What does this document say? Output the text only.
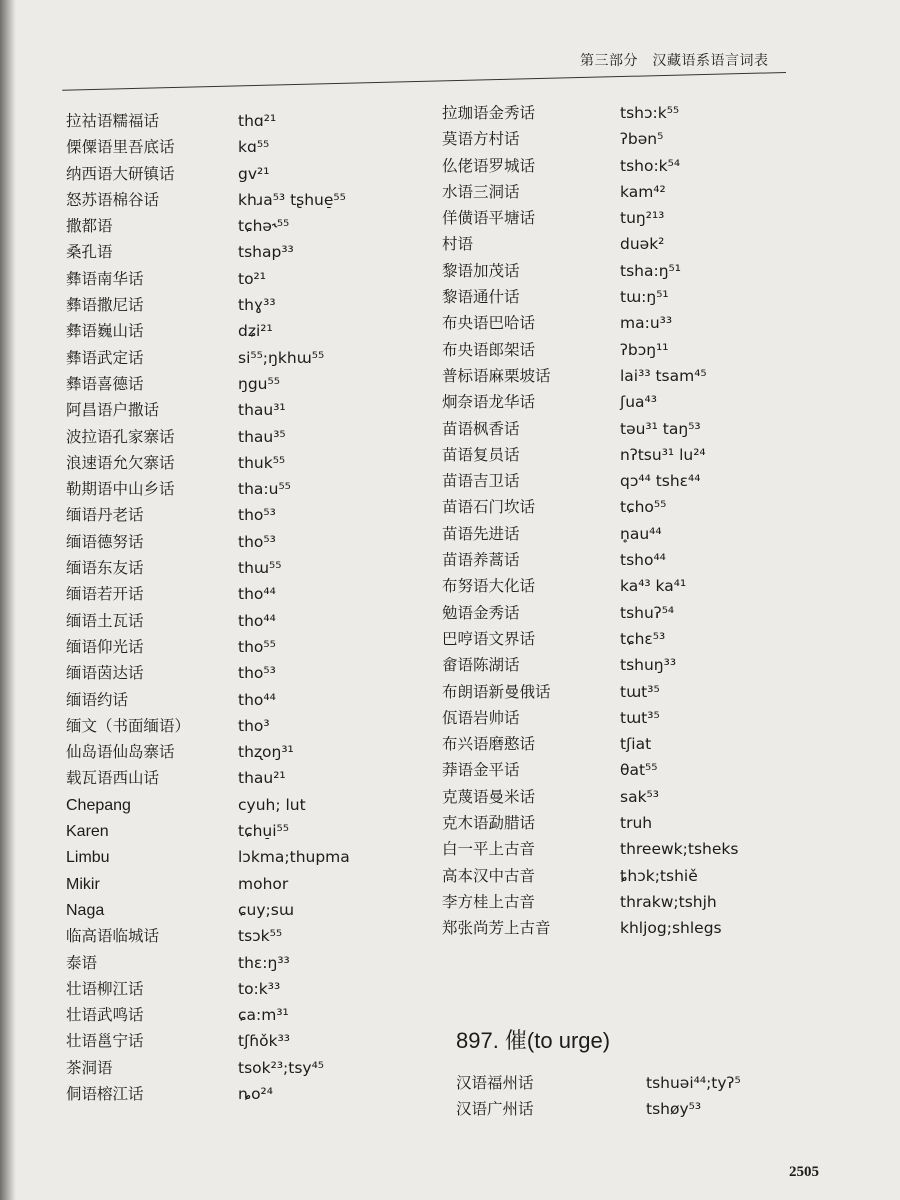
第三部分　汉藏语系语言词表
拉祜语糯福话	thɑ²¹
傈僳语里吾底话	kɑ⁵⁵
纳西语大研镇话	gv²¹
怒苏语棉谷话	khɹa⁵³ tʂhue̠⁵⁵
撒都语	tɕhə˞⁵⁵
桑孔语	tshap³³
彝语南华话	to²¹
彝语撒尼话	thɣ³³
彝语巍山话	dʑi²¹
彝语武定话	si⁵⁵;ŋkhɯ⁵⁵
彝语喜德话	ŋgu⁵⁵
阿昌语户撒话	thau³¹
波拉语孔家寨话	thau³⁵
浪速语允欠寨话	thuk⁵⁵
勒期语中山乡话	tha:u⁵⁵
缅语丹老话	tho⁵³
缅语德努话	tho⁵³
缅语东友话	thɯ⁵⁵
缅语若开话	tho⁴⁴
缅语土瓦话	tho⁴⁴
缅语仰光话	tho⁵⁵
缅语茵达话	tho⁵³
缅语约话	tho⁴⁴
缅文（书面缅语）	tho³
仙岛语仙岛寨话	thʐoŋ³¹
载瓦语西山话	thau²¹
Chepang	cyuh; lut
Karen	tɕhu̠i⁵⁵
Limbu	lɔkma;thupma
Mikir	mohor
Naga	ɕuy;sɯ
临高语临城话	tsɔk⁵⁵
泰语	thɛ:ŋ³³
壮语柳江话	to:k³³
壮语武鸣话	ɕa:m³¹
壮语邕宁话	tʃɦǒk³³
茶洞语	tsok²³;tsy⁴⁵
侗语榕江话	ȵo²⁴
拉珈语金秀话	tshɔ:k⁵⁵
莫语方村话	ʔbən⁵
仫佬语罗城话	tsho:k⁵⁴
水语三洞话	kam⁴²
佯僙语平塘话	tuŋ²¹³
村语	duək²
黎语加茂话	tsha:ŋ⁵¹
黎语通什话	tɯ:ŋ⁵¹
布央语巴哈话	ma:u³³
布央语郎架话	ʔbɔŋ¹¹
普标语麻栗坡话	lai³³ tsam⁴⁵
炯奈语龙华话	ʃua⁴³
苗语枫香话	təu³¹ taŋ⁵³
苗语复员话	nʔtsu³¹ lu²⁴
苗语吉卫话	qɔ⁴⁴ tshɛ⁴⁴
苗语石门坎话	tɕho⁵⁵
苗语先进话	n̥au⁴⁴
苗语养蒿话	tsho⁴⁴
布努语大化话	ka⁴³ ka⁴¹
勉语金秀话	tshuʔ⁵⁴
巴哼语文界话	tɕhɛ⁵³
畲语陈湖话	tshuŋ³³
布朗语新曼俄话	tɯt³⁵
佤语岩帅话	tɯt³⁵
布兴语磨憨话	tʃiat
莽语金平话	θat⁵⁵
克蔑语曼米话	sak⁵³
克木语勐腊话	truh
白一平上古音	threewk;tsheks
高本汉中古音	ȶhɔk;tshiě
李方桂上古音	thrakw;tshjh
郑张尚芳上古音	khljog;shlegs
897. 催(to urge)
汉语福州话	tshuəi⁴⁴;tyʔ⁵
汉语广州话	tshøy⁵³
2505
